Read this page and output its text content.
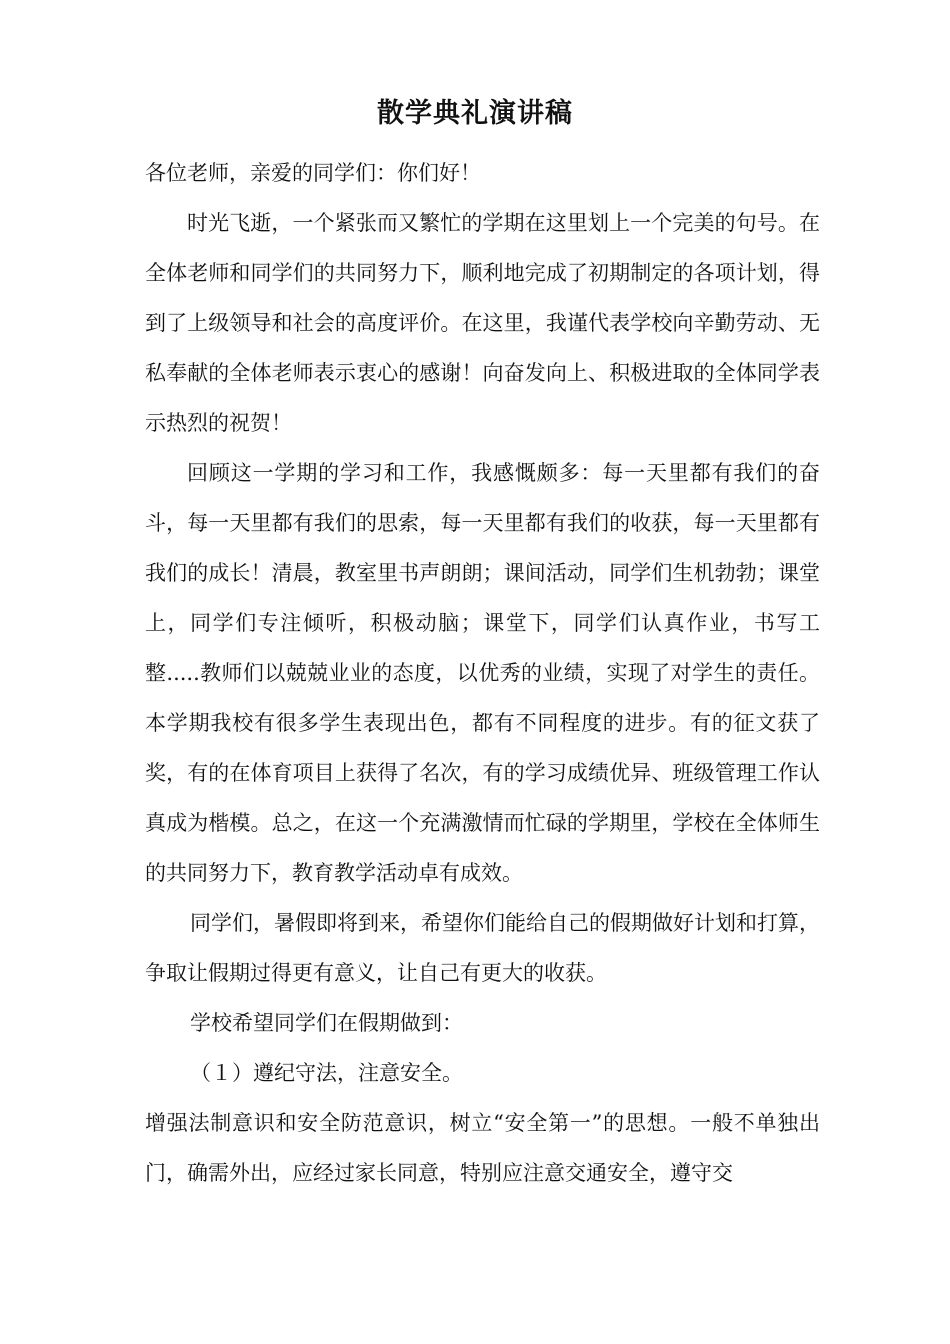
散学典礼演讲稿

各位老师，亲爱的同学们：你们好！

时光飞逝，一个紧张而又繁忙的学期在这里划上一个完美的句号。在全体老师和同学们的共同努力下，顺利地完成了初期制定的各项计划，得到了上级领导和社会的高度评价。在这里，我谨代表学校向辛勤劳动、无私奉献的全体老师表示衷心的感谢！向奋发向上、积极进取的全体同学表示热烈的祝贺！

回顾这一学期的学习和工作，我感慨颇多：每一天里都有我们的奋斗，每一天里都有我们的思索，每一天里都有我们的收获，每一天里都有我们的成长！清晨，教室里书声朗朗；课间活动，同学们生机勃勃；课堂上，同学们专注倾听，积极动脑；课堂下，同学们认真作业，书写工整.....教师们以兢兢业业的态度，以优秀的业绩，实现了对学生的责任。本学期我校有很多学生表现出色，都有不同程度的进步。有的征文获了奖，有的在体育项目上获得了名次，有的学习成绩优异、班级管理工作认真成为楷模。总之，在这一个充满激情而忙碌的学期里，学校在全体师生的共同努力下，教育教学活动卓有成效。

同学们，暑假即将到来，希望你们能给自己的假期做好计划和打算，争取让假期过得更有意义，让自己有更大的收获。

学校希望同学们在假期做到：

（１）遵纪守法，注意安全。

增强法制意识和安全防范意识，树立“安全第一”的思想。一般不单独出门，确需外出，应经过家长同意，特别应注意交通安全，遵守交
